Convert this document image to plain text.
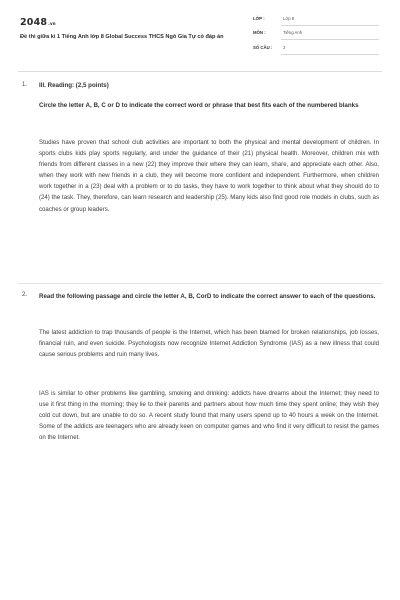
2048.vn
Đề thi giữa kì 1 Tiếng Anh lớp 8 Global Success THCS Ngô Gia Tự có đáp án
LỚP :	Lớp 8
MÔN :	Tiếng Anh
SỐ CÂU : 2
1. III. Reading: (2,5 points)
Circle the letter A, B, C or D to indicate the correct word or phrase that best fits each of the numbered blanks

Studies have proven that school club activities are important to both the physical and mental development of children. In sports clubs kids play sports regularly, and under the guidance of their (21) physical health. Moreover, children mix with friends from different classes in a new (22) they improve their where they can learn, share, and appreciate each other. Also, when they work with new friends in a club, they will become more confident and independent. Furthermore, when children work together in a (23) deal with a problem or to do tasks, they have to work together to think about what they should do to (24) the task. They, therefore, can learn research and leadership (25). Many kids also find good role models in clubs, such as coaches or group leaders.

2. Read the following passage and circle the letter A, B, CorD to indicate the correct answer to each of the questions.

The latest addiction to trap thousands of people is the Internet, which has been blamed for broken relationships, job losses, financial ruin, and even suicide. Psychologists now recognize Internet Addiction Syndrome (IAS) as a new illness that could cause serious problems and ruin many lives.

IAS is similar to other problems like gambling, smoking and drinking: addicts have dreams about the Internet; they need to use it first thing in the morning; they lie to their parents and partners about how much time they spent online; they wish they cold cut down, but are unable to do so. A recent study found that many users spend up to 40 hours a week on the Internet. Some of the addicts are teenagers who are already keen on computer games and who find it very difficult to resist the games on the Internet.
